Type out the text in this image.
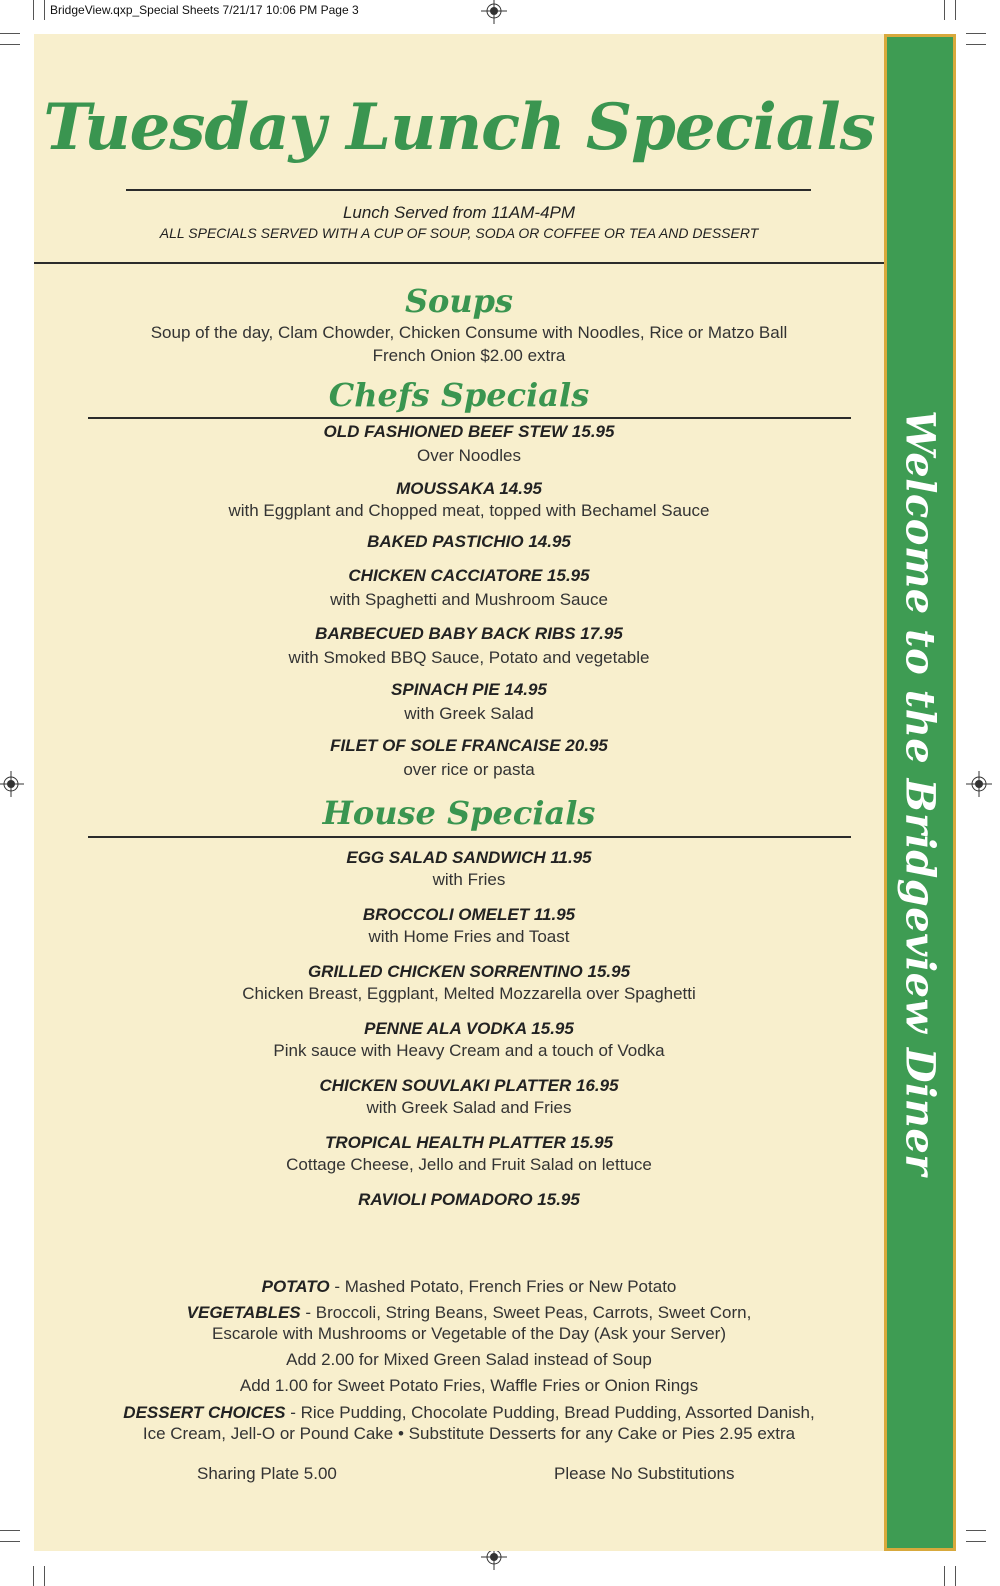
BridgeView.qxp_Special Sheets 7/21/17 10:06 PM Page 3
Welcome to the Bridgeview Diner
Tuesday Lunch Specials
Lunch Served from 11AM-4PM
ALL SPECIALS SERVED WITH A CUP OF SOUP, SODA OR COFFEE OR TEA AND DESSERT
Soups
Soup of the day, Clam Chowder, Chicken Consume with Noodles, Rice or Matzo Ball
French Onion $2.00 extra
Chefs Specials
OLD FASHIONED BEEF STEW 15.95
Over Noodles
MOUSSAKA 14.95
with Eggplant and Chopped meat, topped with Bechamel Sauce
BAKED PASTICHIO 14.95
CHICKEN CACCIATORE 15.95
with Spaghetti and Mushroom Sauce
BARBECUED BABY BACK RIBS 17.95
with Smoked BBQ Sauce, Potato and vegetable
SPINACH PIE 14.95
with Greek Salad
FILET OF SOLE FRANCAISE 20.95
over rice or pasta
House Specials
EGG SALAD SANDWICH 11.95
with Fries
BROCCOLI OMELET 11.95
with Home Fries and Toast
GRILLED CHICKEN SORRENTINO 15.95
Chicken Breast, Eggplant, Melted Mozzarella over Spaghetti
PENNE ALA VODKA 15.95
Pink sauce with Heavy Cream and a touch of Vodka
CHICKEN SOUVLAKI PLATTER 16.95
with Greek Salad and Fries
TROPICAL HEALTH PLATTER 15.95
Cottage Cheese, Jello and Fruit Salad on lettuce
RAVIOLI POMADORO 15.95
POTATO - Mashed Potato, French Fries or New Potato
VEGETABLES - Broccoli, String Beans, Sweet Peas, Carrots, Sweet Corn,
Escarole with Mushrooms or Vegetable of the Day (Ask your Server)
Add 2.00 for Mixed Green Salad instead of Soup
Add 1.00 for Sweet Potato Fries, Waffle Fries or Onion Rings
DESSERT CHOICES - Rice Pudding, Chocolate Pudding, Bread Pudding, Assorted Danish,
Ice Cream, Jell-O or Pound Cake • Substitute Desserts for any Cake or Pies 2.95 extra
Sharing Plate 5.00	Please No Substitutions
